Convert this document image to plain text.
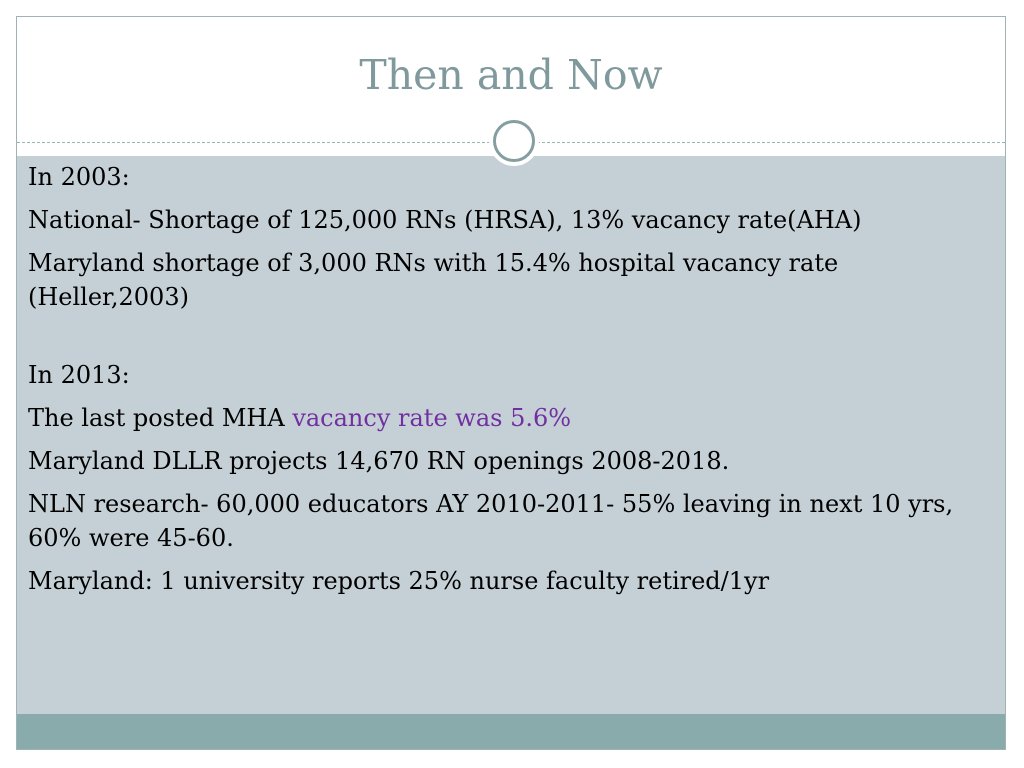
Then and Now

In 2003:

National- Shortage of 125,000 RNs (HRSA), 13% vacancy rate(AHA)

Maryland shortage of 3,000 RNs with 15.4% hospital vacancy rate (Heller,2003)

In 2013:

The last posted MHA vacancy rate was 5.6%

Maryland DLLR projects 14,670 RN openings 2008-2018.

NLN research- 60,000 educators AY 2010-2011- 55% leaving in next 10 yrs, 60% were 45-60.

Maryland: 1 university reports 25% nurse faculty retired/1yr
